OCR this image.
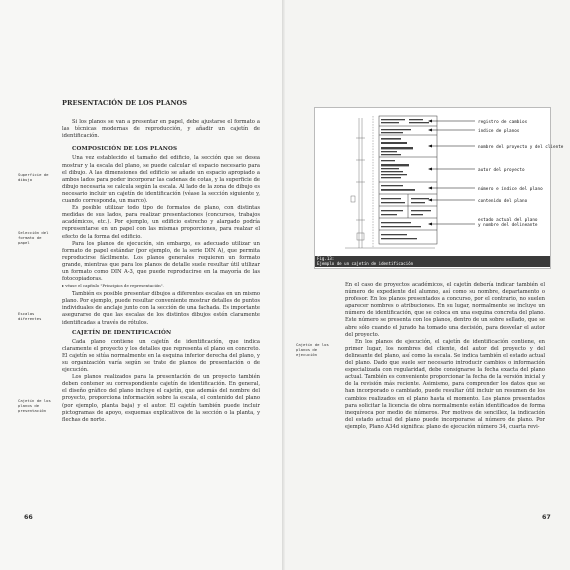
PRESENTACIÓN DE LOS PLANOS

Si los planos se van a presentar en papel, debe ajustarse el formato a las técnicas modernas de reproducción, y añadir un cajetín de identificación.

COMPOSICIÓN DE LOS PLANOS

Una vez establecido el tamaño del edificio, la sección que se desea mostrar y la escala del plano, se puede calcular el espacio necesario para el dibujo. A las dimensiones del edificio se añade un espacio apropiado a ambos lados para poder incorporar las cadenas de cotas, y la superficie de dibujo necesaria se calcula según la escala. Al lado de la zona de dibujo es necesario incluir un cajetín de identificación (véase la sección siguiente y, cuando corresponda, un marco).

Es posible utilizar todo tipo de formatos de plano, con distintas medidas de sus lados, para realizar presentaciones (concursos, trabajos académicos, etc.). Por ejemplo, un edificio estrecho y alargado podría representarse en un papel con las mismas proporciones, para realzar el efecto de la forma del edificio.

Para los planos de ejecución, sin embargo, es adecuado utilizar un formato de papel estándar (por ejemplo, de la serie DIN A), que permita reproducirse fácilmente. Los planos generales requieren un formato grande, mientras que para los planos de detalle suele resultar útil utilizar un formato como DIN A-3, que puede reproducirse en la mayoría de las fotocopiadoras.

▸ véase el capítulo "Principios de representación".

También es posible presentar dibujos a diferentes escalas en un mismo plano. Por ejemplo, puede resultar conveniente mostrar detalles de puntos individuales de anclaje junto con la sección de una fachada. Es importante asegurarse de que las escalas de los distintos dibujos estén claramente identificadas a través de rótulos.

CAJETÍN DE IDENTIFICACIÓN

Cada plano contiene un cajetín de identificación, que indica claramente el proyecto y los detalles que representa el plano en concreto. El cajetín se sitúa normalmente en la esquina inferior derecha del plano, y su organización varía según se trate de planos de presentación o de ejecución.

Los planos realizados para la presentación de un proyecto también deben contener su correspondiente cajetín de identificación. En general, el diseño gráfico del plano incluye el cajetín, que además del nombre del proyecto, proporciona información sobre la escala, el contenido del plano (por ejemplo, planta baja) y el autor. El cajetín también puede incluir pictogramas de apoyo, esquemas explicativos de la sección o la planta, y flechas de norte.

Superficie de dibujo
Selección del formato de papel
Escalas diferentes
Cajetín de los planos de presentación
66
registro de cambios
índice de planos
nombre del proyecto y del cliente
autor del proyecto
número e índice del plano
contenido del plano
estado actual del plano
y nombre del delineante
Fig.13:
Ejemplo de un cajetín de identificación

En el caso de proyectos académicos, el cajetín debería indicar también el número de expediente del alumno, así como su nombre, departamento o profesor. En los planos presentados a concurso, por el contrario, no suelen aparecer nombres o atribuciones. En su lugar, normalmente se incluye un número de identificación, que se coloca en una esquina concreta del plano. Este número se presenta con los planos, dentro de un sobre sellado, que se abre sólo cuando el jurado ha tomado una decisión, para desvelar el autor del proyecto.

En los planos de ejecución, el cajetín de identificación contiene, en primer lugar, los nombres del cliente, del autor del proyecto y del delineante del plano, así como la escala. Se indica también el estado actual del plano. Dado que suele ser necesario introducir cambios o información especializada con regularidad, debe consignarse la fecha exacta del plano actual. También es conveniente proporcionar la fecha de la versión inicial y de la revisión más reciente. Asimismo, para comprender los datos que se han incorporado o cambiado, puede resultar útil incluir un resumen de los cambios realizados en el plano hasta el momento. Los planos presentados para solicitar la licencia de obra normalmente están identificados de forma inequívoca por medio de números. Por motivos de sencillez, la indicación del estado actual del plano puede incorporarse al número de plano. Por ejemplo, Plano A34d significa: plano de ejecución número 34, cuarta revi-

Cajetín de los planos de ejecución
67
